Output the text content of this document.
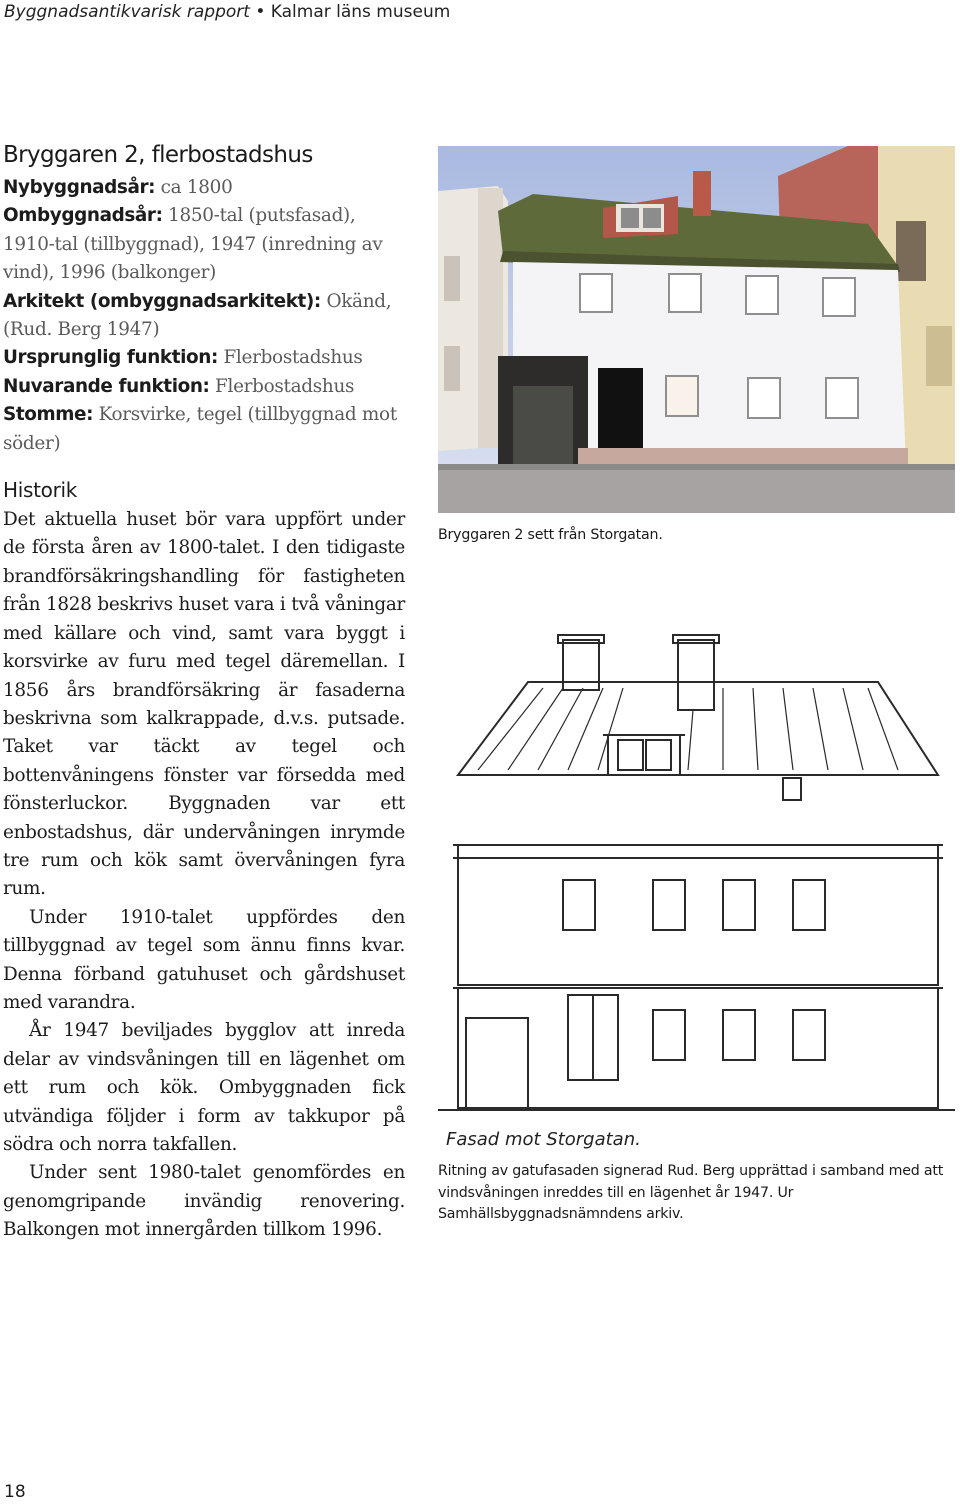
Byggnadsantikvarisk rapport • Kalmar läns museum
Bryggaren 2, flerbostadshus
Nybyggnadsår: ca 1800
Ombyggnadsår: 1850-tal (putsfasad), 1910-tal (tillbyggnad), 1947 (inredning av vind), 1996 (balkonger)
Arkitekt (ombyggnadsarkitekt): Okänd, (Rud. Berg 1947)
Ursprunglig funktion: Flerbostadshus
Nuvarande funktion: Flerbostadshus
Stomme: Korsvirke, tegel (tillbyggnad mot söder)
Historik

Det aktuella huset bör vara uppfört under de första åren av 1800-talet. I den tidigaste brandförsäkringshandling för fastigheten från 1828 beskrivs huset vara i två våningar med källare och vind, samt vara byggt i korsvirke av furu med tegel däremellan. I 1856 års brandförsäkring är fasaderna beskrivna som kalkrappade, d.v.s. putsade. Taket var täckt av tegel och bottenvåningens fönster var försedda med fönsterluckor. Byggnaden var ett enbostadshus, där undervåningen inrymde tre rum och kök samt övervåningen fyra rum.

Under 1910-talet uppfördes den tillbyggnad av tegel som ännu finns kvar. Denna förband gatuhuset och gårdshuset med varandra.

År 1947 beviljades bygglov att inreda delar av vindsvåningen till en lägenhet om ett rum och kök. Ombyggnaden fick utvändiga följder i form av takkupor på södra och norra takfallen.

Under sent 1980-talet genomfördes en genomgripande invändig renovering. Balkongen mot innergården tillkom 1996.

Bryggaren 2 sett från Storgatan.
Fasad mot Storgatan.
Ritning av gatufasaden signerad Rud. Berg upprättad i samband med att vindsvåningen inreddes till en lägenhet år 1947. Ur Samhällsbyggnadsnämndens arkiv.
18
